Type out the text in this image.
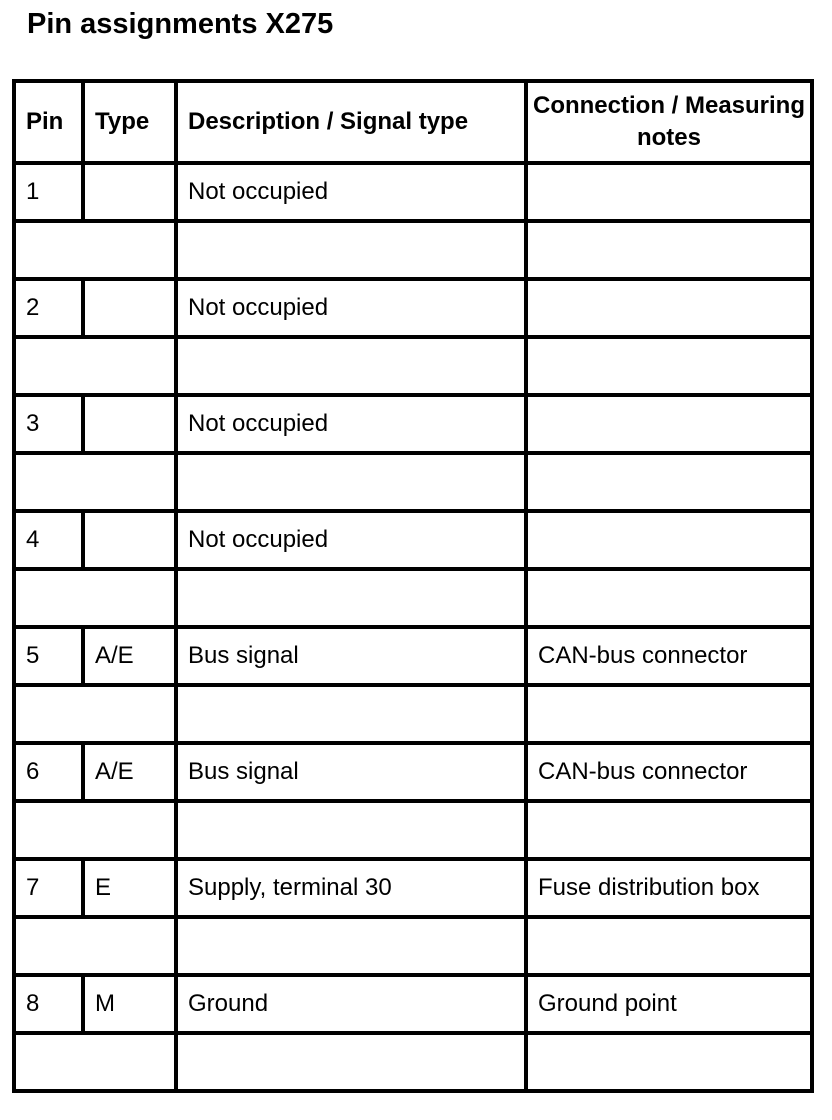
Pin assignments X275
Pin	Type	Description / Signal type	Connection / Measuring notes
1		Not occupied	

2		Not occupied	

3		Not occupied	

4		Not occupied	

5	A/E	Bus signal	CAN-bus connector

6	A/E	Bus signal	CAN-bus connector

7	E	Supply, terminal 30	Fuse distribution box

8	M	Ground	Ground point
